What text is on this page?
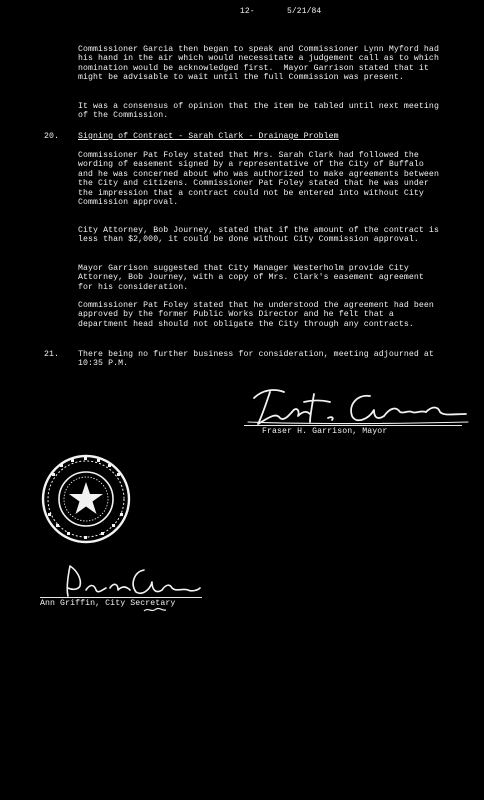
12-	5/21/84

Commissioner Garcia then began to speak and Commissioner Lynn Myford had his hand in the air which would necessitate a judgement call as to which nomination would be acknowledged first.  Mayor Garrison stated that it might be advisable to wait until the full Commission was present.

It was a consensus of opinion that the item be tabled until next meeting of the Commission.

20. Signing of Contract - Sarah Clark - Drainage Problem

Commissioner Pat Foley stated that Mrs. Sarah Clark had followed the wording of easement signed by a representative of the City of Buffalo and he was concerned about who was authorized to make agreements between the City and citizens. Commissioner Pat Foley stated that he was under the impression that a contract could not be entered into without City Commission approval.

City Attorney, Bob Journey, stated that if the amount of the contract is less than $2,000, it could be done without City Commission approval.

Mayor Garrison suggested that City Manager Westerholm provide City Attorney, Bob Journey, with a copy of Mrs. Clark's easement agreement for his consideration.

Commissioner Pat Foley stated that he understood the agreement had been approved by the former Public Works Director and he felt that a department head should not obligate the City through any contracts.

21. There being no further business for consideration, meeting adjourned at 10:35 P.M.

Fraser H. Garrison, Mayor
Ann Griffin, City Secretary
